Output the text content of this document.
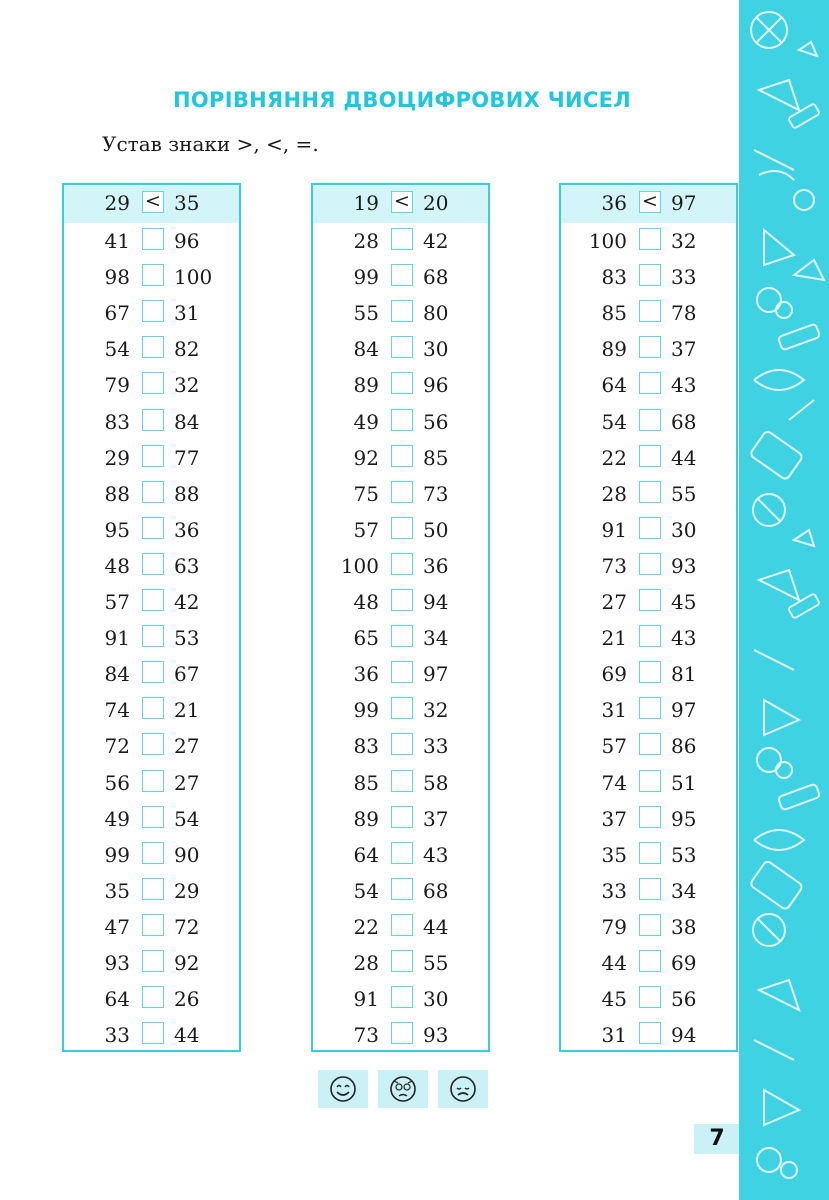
ПОРІВНЯННЯ ДВОЦИФРОВИХ ЧИСЕЛ
Устав знаки >, <, =.
29 < 35
41 96
98 100
67 31
54 82
79 32
83 84
29 77
88 88
95 36
48 63
57 42
91 53
84 67
74 21
72 27
56 27
49 54
99 90
35 29
47 72
93 92
64 26
33 44
19 < 20
28 42
99 68
55 80
84 30
89 96
49 56
92 85
75 73
57 50
100 36
48 94
65 34
36 97
99 32
83 33
85 58
89 37
64 43
54 68
22 44
28 55
91 30
73 93
36 < 97
100 32
83 33
85 78
89 37
64 43
54 68
22 44
28 55
91 30
73 93
27 45
21 43
69 81
31 97
57 86
74 51
37 95
35 53
33 34
79 38
44 69
45 56
31 94
7
